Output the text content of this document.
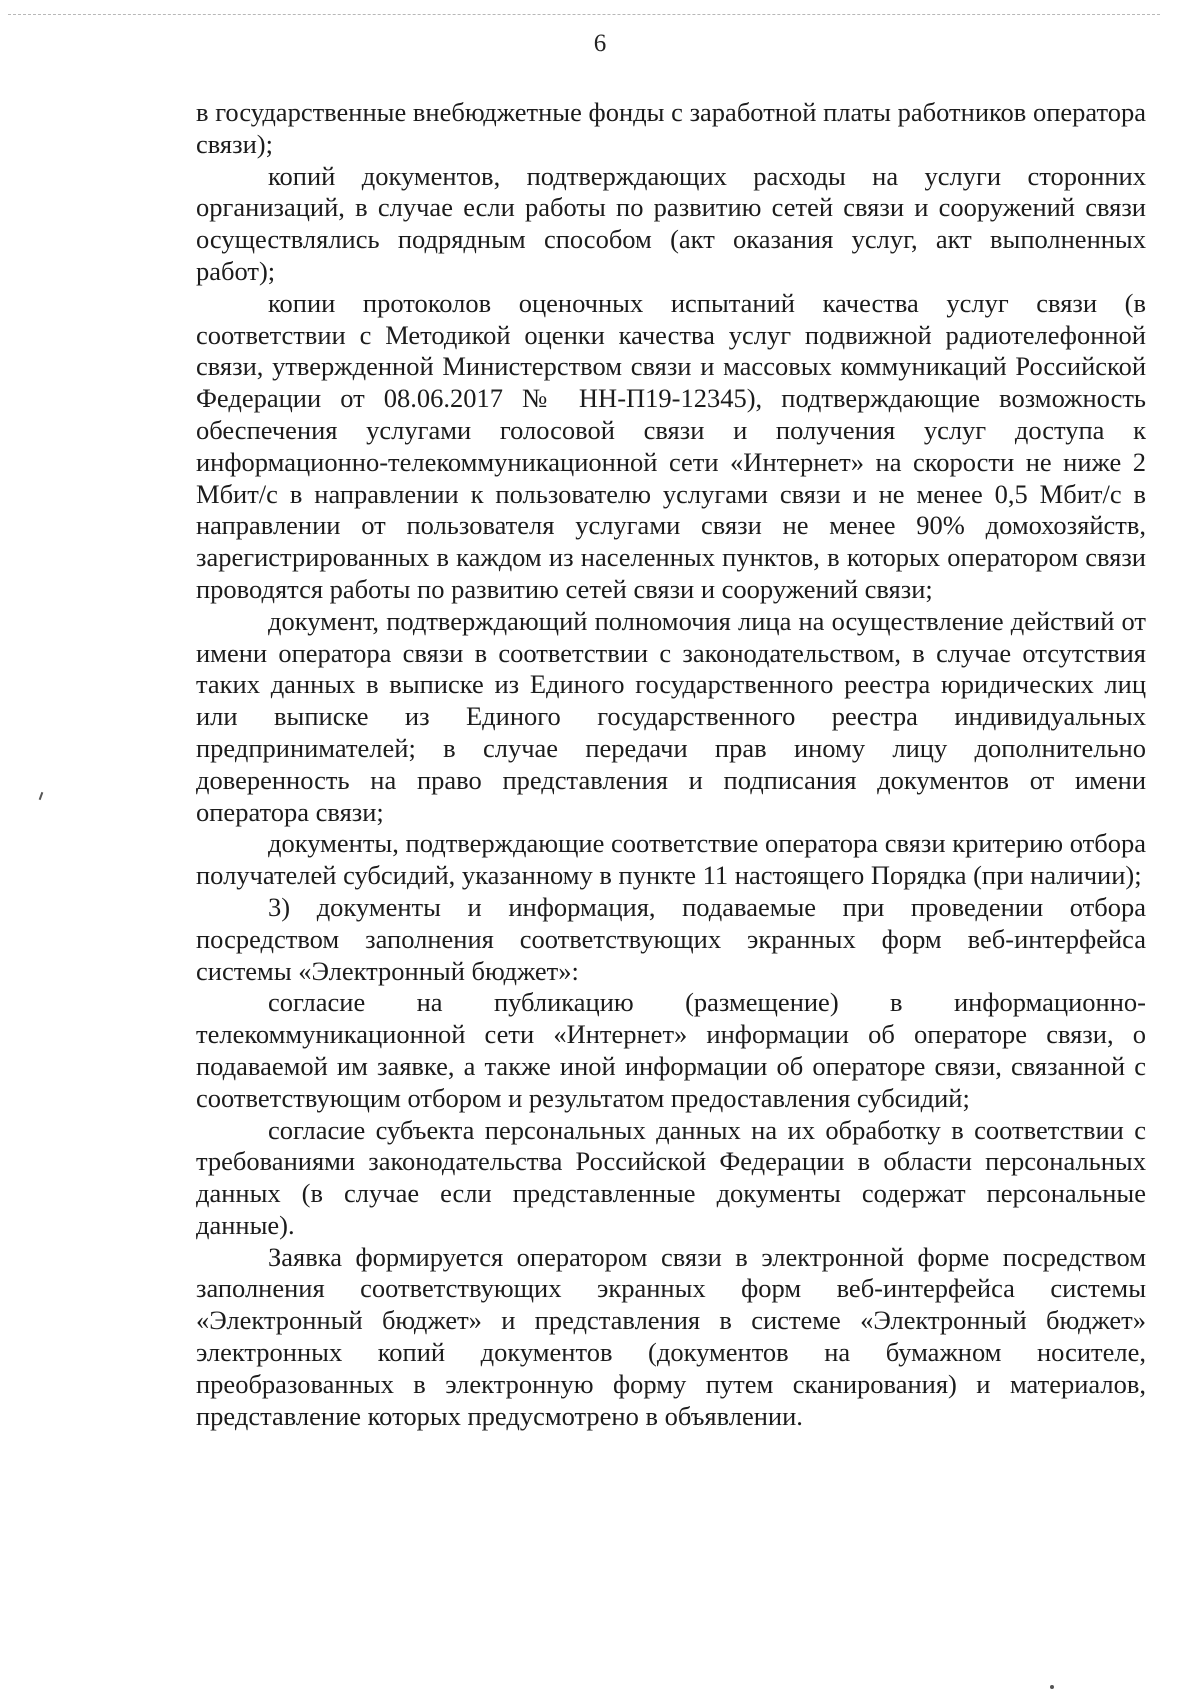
6

в государственные внебюджетные фонды с заработной платы работников оператора связи);

копий документов, подтверждающих расходы на услуги сторонних организаций, в случае если работы по развитию сетей связи и сооружений связи осуществлялись подрядным способом (акт оказания услуг, акт выполненных работ);

копии протоколов оценочных испытаний качества услуг связи (в соответствии с Методикой оценки качества услуг подвижной радиотелефонной связи, утвержденной Министерством связи и массовых коммуникаций Российской Федерации от 08.06.2017 № НН-П19-12345), подтверждающие возможность обеспечения услугами голосовой связи и получения услуг доступа к информационно-телекоммуникационной сети «Интернет» на скорости не ниже 2 Мбит/с в направлении к пользователю услугами связи и не менее 0,5 Мбит/с в направлении от пользователя услугами связи не менее 90% домохозяйств, зарегистрированных в каждом из населенных пунктов, в которых оператором связи проводятся работы по развитию сетей связи и сооружений связи;

документ, подтверждающий полномочия лица на осуществление действий от имени оператора связи в соответствии с законодательством, в случае отсутствия таких данных в выписке из Единого государственного реестра юридических лиц или выписке из Единого государственного реестра индивидуальных предпринимателей; в случае передачи прав иному лицу дополнительно доверенность на право представления и подписания документов от имени оператора связи;

документы, подтверждающие соответствие оператора связи критерию отбора получателей субсидий, указанному в пункте 11 настоящего Порядка (при наличии);

3) документы и информация, подаваемые при проведении отбора посредством заполнения соответствующих экранных форм веб-интерфейса системы «Электронный бюджет»:

согласие на публикацию (размещение) в информационно-телекоммуникационной сети «Интернет» информации об операторе связи, о подаваемой им заявке, а также иной информации об операторе связи, связанной с соответствующим отбором и результатом предоставления субсидий;

согласие субъекта персональных данных на их обработку в соответствии с требованиями законодательства Российской Федерации в области персональных данных (в случае если представленные документы содержат персональные данные).

Заявка формируется оператором связи в электронной форме посредством заполнения соответствующих экранных форм веб-интерфейса системы «Электронный бюджет» и представления в системе «Электронный бюджет» электронных копий документов (документов на бумажном носителе, преобразованных в электронную форму путем сканирования) и материалов, представление которых предусмотрено в объявлении.
